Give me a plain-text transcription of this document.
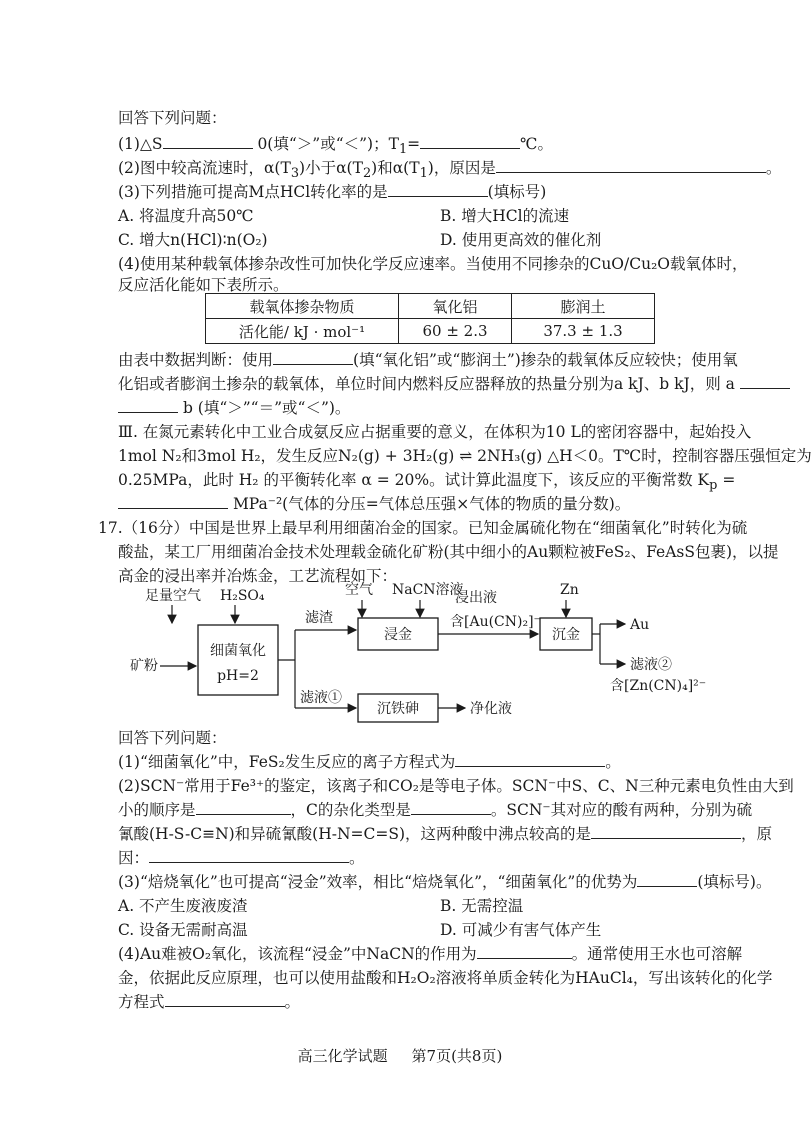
回答下列问题：
(1)△S	0(填“＞”或“＜”)；$T_1=$	℃。
(2)图中较高流速时，$\alpha(T_3)$小于$\alpha(T_2)$和$\alpha(T_1)$，原因是	。
(3)下列措施可提高M点HCl转化率的是	(填标号)
A. 将温度升高50℃	B. 增大HCl的流速
C. 增大n(HCl)∶n(O₂)	D. 使用更高效的催化剂
(4)使用某种载氧体掺杂改性可加快化学反应速率。当使用不同掺杂的CuO/Cu₂O载氧体时，
反应活化能如下表所示。
载氧体掺杂物质	氧化铝	膨润土
活化能/ kJ · mol⁻¹	60 ± 2.3	37.3 ± 1.3
由表中数据判断：使用	(填“氧化铝”或“膨润土”)掺杂的载氧体反应较快；使用氧
化铝或者膨润土掺杂的载氧体，单位时间内燃料反应器释放的热量分别为a kJ、b kJ，则 a
b (填“＞”“＝”或“＜”)。
Ⅲ. 在氮元素转化中工业合成氨反应占据重要的意义，在体积为10 L的密闭容器中，起始投入
1mol N₂和3mol H₂，发生反应N₂(g) + 3H₂(g) ⇌ 2NH₃(g) △H＜0。T℃时，控制容器压强恒定为
0.25MPa，此时 H₂ 的平衡转化率 α = 20%。试计算此温度下，该反应的平衡常数 $K_p$ =
MPa⁻²(气体的分压=气体总压强×气体的物质的量分数)。
17.（16分）中国是世界上最早利用细菌冶金的国家。已知金属硫化物在“细菌氧化”时转化为硫
酸盐，某工厂用细菌冶金技术处理载金硫化矿粉(其中细小的Au颗粒被FeS₂、FeAsS包裹)，以提
高金的浸出率并冶炼金，工艺流程如下：
足量空气 H₂SO₄
矿粉
细菌氧化
pH=2
滤渣
滤液①
空气 NaCN溶液
浸金
浸出液
含[Au(CN)₂]⁻
Zn
沉金
Au
滤液②
含[Zn(CN)₄]²⁻
沉铁砷	净化液
回答下列问题：
(1)“细菌氧化”中，FeS₂发生反应的离子方程式为	。
(2)SCN⁻常用于Fe³⁺的鉴定，该离子和CO₂是等电子体。SCN⁻中S、C、N三种元素电负性由大到
小的顺序是	，C的杂化类型是	。SCN⁻其对应的酸有两种，分别为硫
氰酸(H-S-C≡N)和异硫氰酸(H-N=C=S)，这两种酸中沸点较高的是	，原
因：	。
(3)“焙烧氧化”也可提高“浸金”效率，相比“焙烧氧化”，“细菌氧化”的优势为	(填标号)。
A. 不产生废液废渣	B. 无需控温
C. 设备无需耐高温	D. 可减少有害气体产生
(4)Au难被O₂氧化，该流程“浸金”中NaCN的作用为	。通常使用王水也可溶解
金，依据此反应原理，也可以使用盐酸和H₂O₂溶液将单质金转化为HAuCl₄，写出该转化的化学
方程式	。
高三化学试题 第7页(共8页)
